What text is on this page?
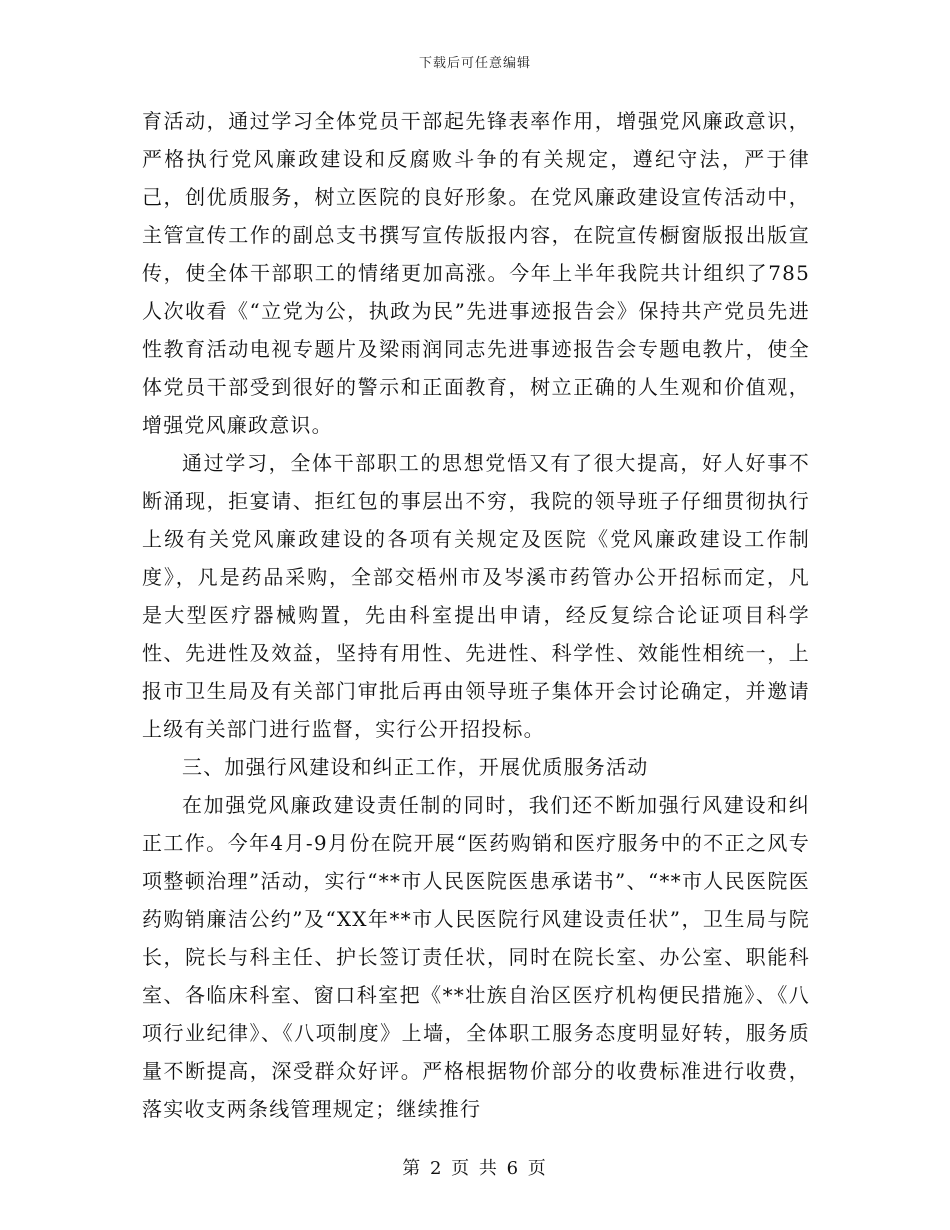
下载后可任意编辑

育活动，通过学习全体党员干部起先锋表率作用，增强党风廉政意识，严格执行党风廉政建设和反腐败斗争的有关规定，遵纪守法，严于律己，创优质服务，树立医院的良好形象。在党风廉政建设宣传活动中，主管宣传工作的副总支书撰写宣传版报内容，在院宣传橱窗版报出版宣传，使全体干部职工的情绪更加高涨。今年上半年我院共计组织了785人次收看《“立党为公，执政为民”先进事迹报告会》保持共产党员先进性教育活动电视专题片及梁雨润同志先进事迹报告会专题电教片，使全体党员干部受到很好的警示和正面教育，树立正确的人生观和价值观，增强党风廉政意识。

通过学习，全体干部职工的思想党悟又有了很大提高，好人好事不断涌现，拒宴请、拒红包的事层出不穷，我院的领导班子仔细贯彻执行上级有关党风廉政建设的各项有关规定及医院《党风廉政建设工作制度》，凡是药品采购，全部交梧州市及岑溪市药管办公开招标而定，凡是大型医疗器械购置，先由科室提出申请，经反复综合论证项目科学性、先进性及效益，坚持有用性、先进性、科学性、效能性相统一，上报市卫生局及有关部门审批后再由领导班子集体开会讨论确定，并邀请上级有关部门进行监督，实行公开招投标。

三、加强行风建设和纠正工作，开展优质服务活动

在加强党风廉政建设责任制的同时，我们还不断加强行风建设和纠正工作。今年4月-9月份在院开展“医药购销和医疗服务中的不正之风专项整顿治理”活动，实行“**市人民医院医患承诺书”、“**市人民医院医药购销廉洁公约”及“XX年**市人民医院行风建设责任状”，卫生局与院长，院长与科主任、护长签订责任状，同时在院长室、办公室、职能科室、各临床科室、窗口科室把《**壮族自治区医疗机构便民措施》、《八项行业纪律》、《八项制度》上墙，全体职工服务态度明显好转，服务质量不断提高，深受群众好评。严格根据物价部分的收费标准进行收费，落实收支两条线管理规定；继续推行

第 2 页 共 6 页
